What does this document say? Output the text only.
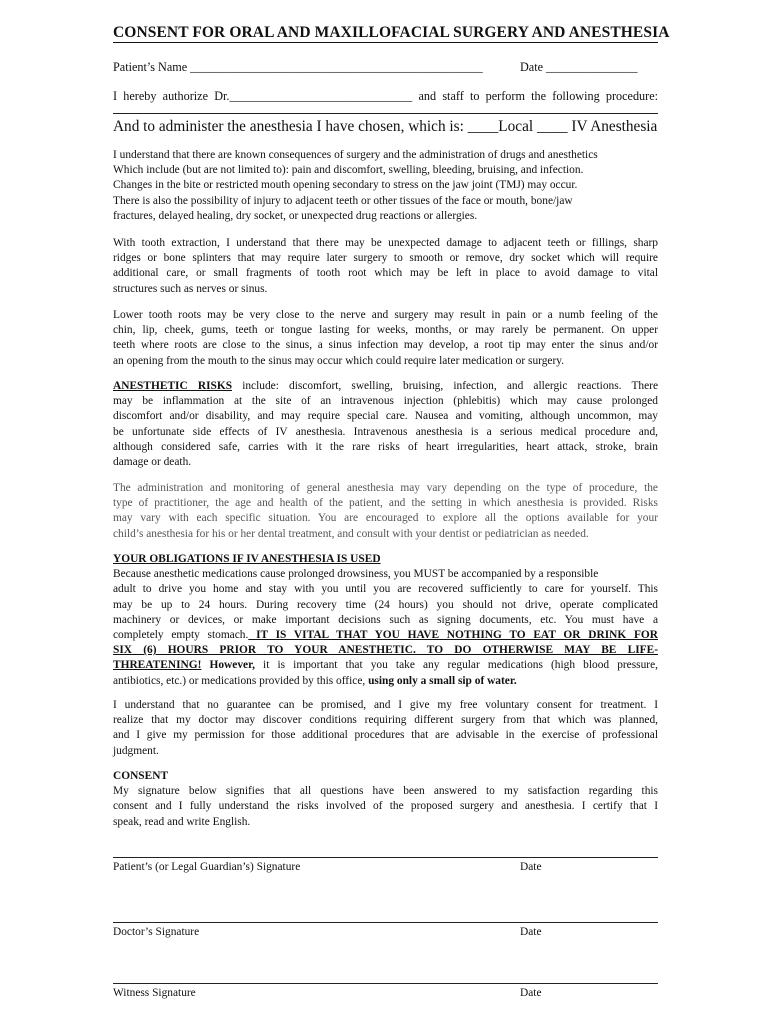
CONSENT FOR ORAL AND MAXILLOFACIAL SURGERY AND ANESTHESIA
Patient’s Name ________________________________________________	Date _______________
I hereby authorize Dr.______________________________ and staff to perform the following procedure:
And to administer the anesthesia I have chosen, which is: ____Local ____ IV Anesthesia
I understand that there are known consequences of surgery and the administration of drugs and anesthetics
Which include (but are not limited to): pain and discomfort, swelling, bleeding, bruising, and infection.
Changes in the bite or restricted mouth opening secondary to stress on the jaw joint (TMJ) may occur.
There is also the possibility of injury to adjacent teeth or other tissues of the face or mouth, bone/jaw
fractures, delayed healing, dry socket, or unexpected drug reactions or allergies.
With tooth extraction, I understand that there may be unexpected damage to adjacent teeth or fillings, sharp
ridges or bone splinters that may require later surgery to smooth or remove, dry socket which will require
additional care, or small fragments of tooth root which may be left in place to avoid damage to vital
structures such as nerves or sinus.
Lower tooth roots may be very close to the nerve and surgery may result in pain or a numb feeling of the
chin, lip, cheek, gums, teeth or tongue lasting for weeks, months, or may rarely be permanent. On upper
teeth where roots are close to the sinus, a sinus infection may develop, a root tip may enter the sinus and/or
an opening from the mouth to the sinus may occur which could require later medication or surgery.
ANESTHETIC RISKS include: discomfort, swelling, bruising, infection, and allergic reactions. There
may be inflammation at the site of an intravenous injection (phlebitis) which may cause prolonged
discomfort and/or disability, and may require special care. Nausea and vomiting, although uncommon, may
be unfortunate side effects of IV anesthesia. Intravenous anesthesia is a serious medical procedure and,
although considered safe, carries with it the rare risks of heart irregularities, heart attack, stroke, brain
damage or death.
The administration and monitoring of general anesthesia may vary depending on the type of procedure, the
type of practitioner, the age and health of the patient, and the setting in which anesthesia is provided. Risks
may vary with each specific situation. You are encouraged to explore all the options available for your
child’s anesthesia for his or her dental treatment, and consult with your dentist or pediatrician as needed.
YOUR OBLIGATIONS IF IV ANESTHESIA IS USED
Because anesthetic medications cause prolonged drowsiness, you MUST be accompanied by a responsible
adult to drive you home and stay with you until you are recovered sufficiently to care for yourself. This
may be up to 24 hours. During recovery time (24 hours) you should not drive, operate complicated
machinery or devices, or make important decisions such as signing documents, etc. You must have a
completely empty stomach. IT IS VITAL THAT YOU HAVE NOTHING TO EAT OR DRINK FOR
SIX (6) HOURS PRIOR TO YOUR ANESTHETIC. TO DO OTHERWISE MAY BE LIFE-
THREATENING! However, it is important that you take any regular medications (high blood pressure,
antibiotics, etc.) or medications provided by this office, using only a small sip of water.
I understand that no guarantee can be promised, and I give my free voluntary consent for treatment. I
realize that my doctor may discover conditions requiring different surgery from that which was planned,
and I give my permission for those additional procedures that are advisable in the exercise of professional
judgment.
CONSENT
My signature below signifies that all questions have been answered to my satisfaction regarding this
consent and I fully understand the risks involved of the proposed surgery and anesthesia. I certify that I
speak, read and write English.
Patient’s (or Legal Guardian’s) Signature	Date
Doctor’s Signature	Date
Witness Signature	Date
